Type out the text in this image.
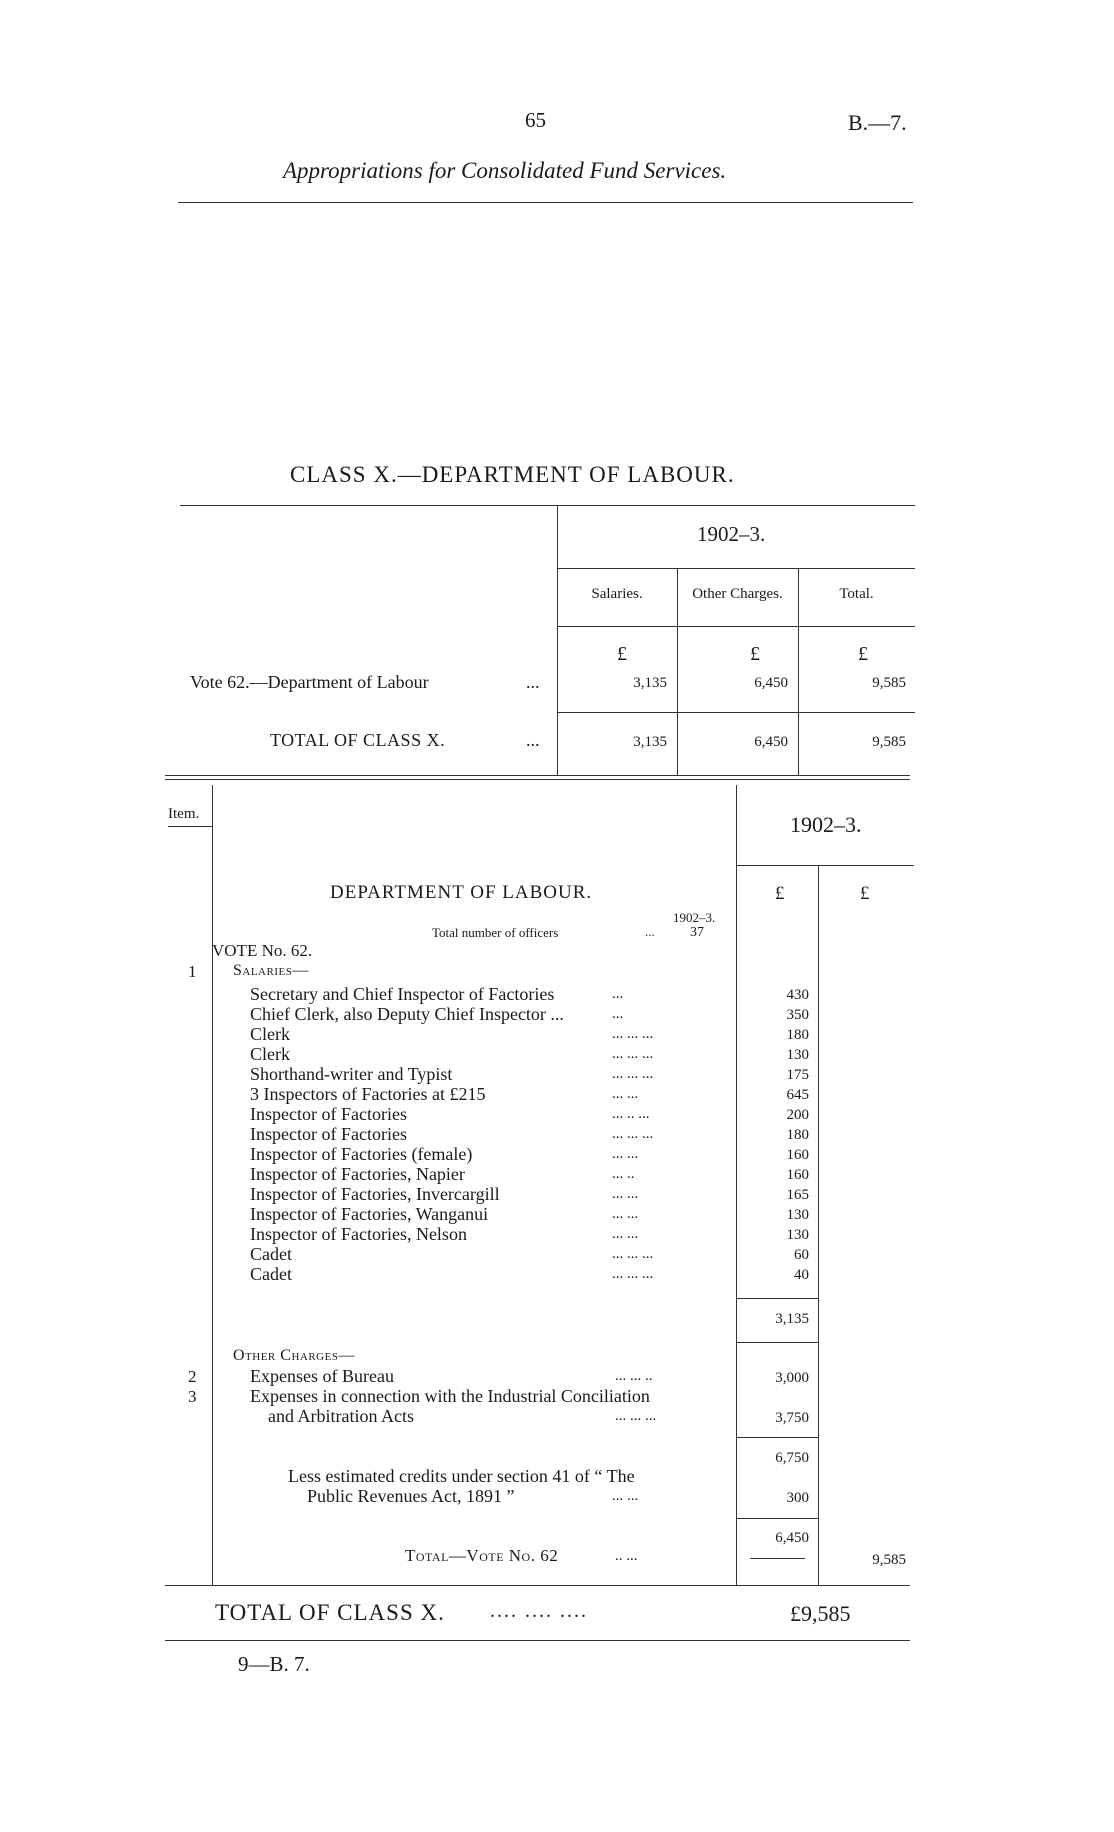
65	B.—7.
Appropriations for Consolidated Fund Services.
CLASS X.—DEPARTMENT OF LABOUR.
1902–3.
Salaries.	Other Charges.	Total.
£	£	£
Vote 62.—Department of Labour	...	3,135	6,450	9,585
TOTAL OF CLASS X.	...	3,135	6,450	9,585
Item.	1902–3.
£	£
DEPARTMENT OF LABOUR.
1902–3.
Total number of officers	...	37
VOTE No. 62.
1 Salaries—
Secretary and Chief Inspector of Factories	...	430
Chief Clerk, also Deputy Chief Inspector ...	...	350
Clerk	... ... ...	180
Clerk	... ... ...	130
Shorthand-writer and Typist	... ... ...	175
3 Inspectors of Factories at £215	... ...	645
Inspector of Factories	... .. ...	200
Inspector of Factories	... ... ...	180
Inspector of Factories (female)	... ...	160
Inspector of Factories, Napier	... ..	160
Inspector of Factories, Invercargill	... ...	165
Inspector of Factories, Wanganui	... ...	130
Inspector of Factories, Nelson	... ...	130
Cadet	... ... ...	60
Cadet	... ... ...	40
3,135
Other Charges—
2	Expenses of Bureau	... ... ..	3,000
3	Expenses in connection with the Industrial Conciliation
and Arbitration Acts	... ... ...	3,750
6,750
Less estimated credits under section 41 of “ The
Public Revenues Act, 1891 ”	... ...	300
6,450
Total—Vote No. 62	.. ...	9,585
TOTAL OF CLASS X. .... .... ....	£9,585
9—B. 7.
